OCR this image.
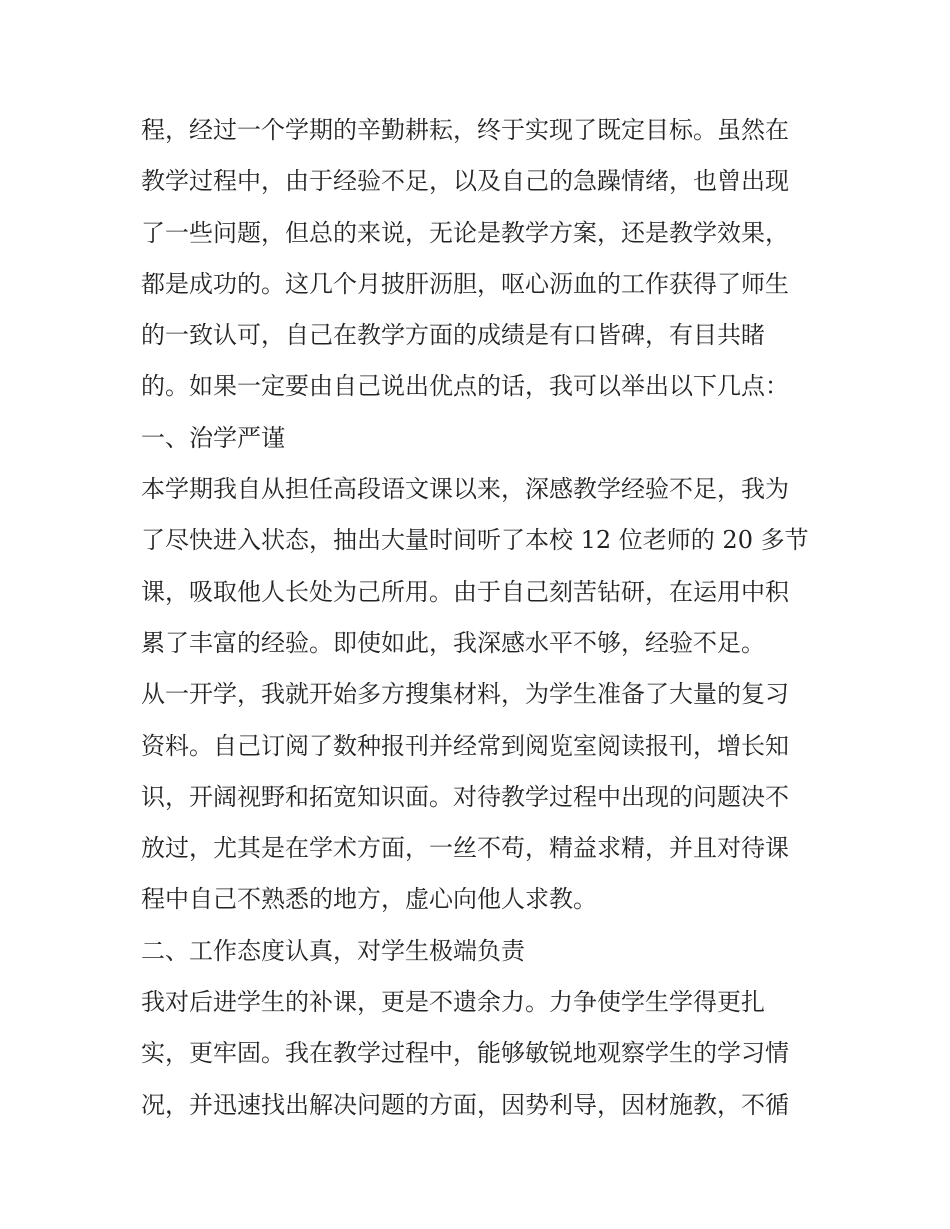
程，经过一个学期的辛勤耕耘，终于实现了既定目标。虽然在
教学过程中，由于经验不足，以及自己的急躁情绪，也曾出现
了一些问题，但总的来说，无论是教学方案，还是教学效果，
都是成功的。这几个月披肝沥胆，呕心沥血的工作获得了师生
的一致认可，自己在教学方面的成绩是有口皆碑，有目共睹
的。如果一定要由自己说出优点的话，我可以举出以下几点：
一、治学严谨
本学期我自从担任高段语文课以来，深感教学经验不足，我为
了尽快进入状态，抽出大量时间听了本校 12 位老师的 20 多节
课，吸取他人长处为己所用。由于自己刻苦钻研，在运用中积
累了丰富的经验。即使如此，我深感水平不够，经验不足。
从一开学，我就开始多方搜集材料，为学生准备了大量的复习
资料。自己订阅了数种报刊并经常到阅览室阅读报刊，增长知
识，开阔视野和拓宽知识面。对待教学过程中出现的问题决不
放过，尤其是在学术方面，一丝不苟，精益求精，并且对待课
程中自己不熟悉的地方，虚心向他人求教。
二、工作态度认真，对学生极端负责
我对后进学生的补课，更是不遗余力。力争使学生学得更扎
实，更牢固。我在教学过程中，能够敏锐地观察学生的学习情
况，并迅速找出解决问题的方面，因势利导，因材施教，不循
